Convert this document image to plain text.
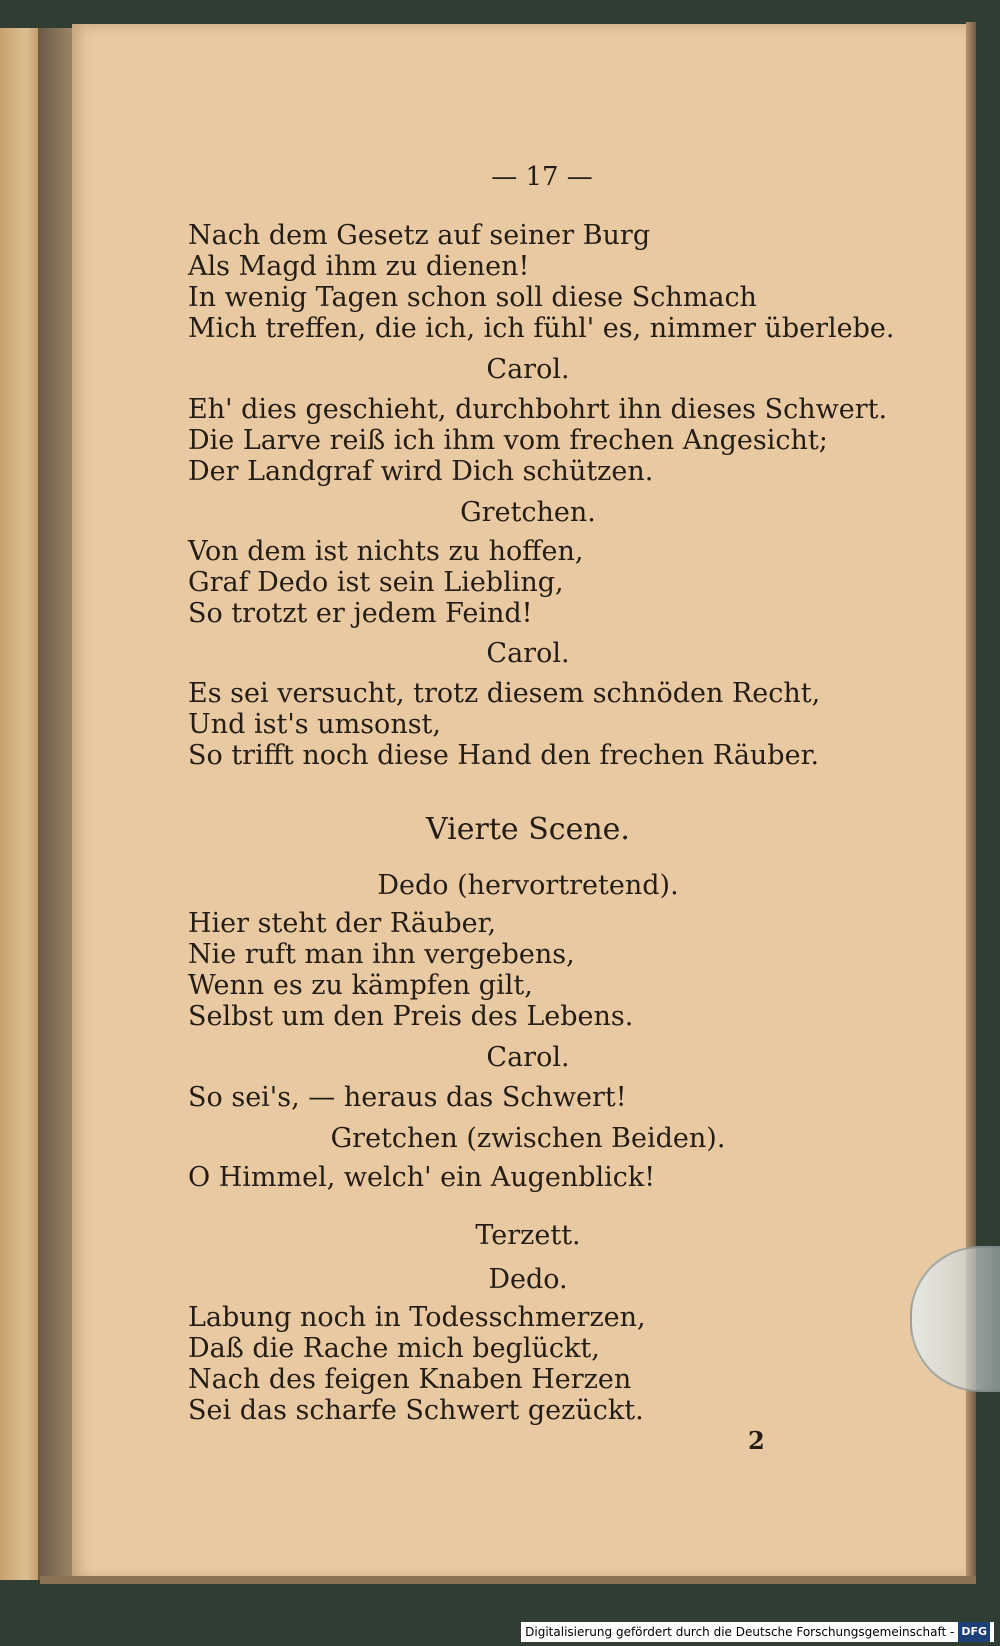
— 17 —
Nach dem Gesetz auf seiner Burg
Als Magd ihm zu dienen!
In wenig Tagen schon soll diese Schmach
Mich treffen, die ich, ich fühl' es, nimmer überlebe.
Carol.
Eh' dies geschieht, durchbohrt ihn dieses Schwert.
Die Larve reiß ich ihm vom frechen Angesicht;
Der Landgraf wird Dich schützen.
Gretchen.
Von dem ist nichts zu hoffen,
Graf Dedo ist sein Liebling,
So trotzt er jedem Feind!
Carol.
Es sei versucht, trotz diesem schnöden Recht,
Und ist's umsonst,
So trifft noch diese Hand den frechen Räuber.
Vierte Scene.
Dedo (hervortretend).
Hier steht der Räuber,
Nie ruft man ihn vergebens,
Wenn es zu kämpfen gilt,
Selbst um den Preis des Lebens.
Carol.
So sei's, — heraus das Schwert!
Gretchen (zwischen Beiden).
O Himmel, welch' ein Augenblick!
Terzett.
Dedo.
Labung noch in Todesschmerzen,
Daß die Rache mich beglückt,
Nach des feigen Knaben Herzen
Sei das scharfe Schwert gezückt.
2
Digitalisierung gefördert durch die Deutsche Forschungsgemeinschaft - DFG
